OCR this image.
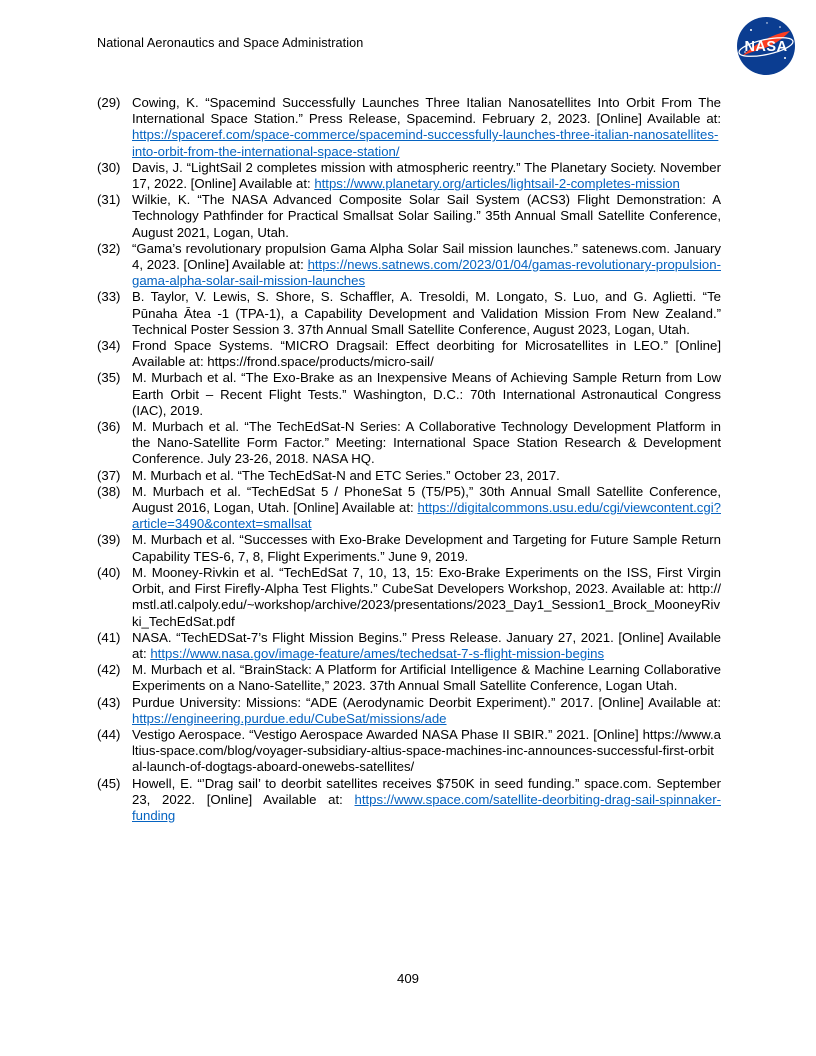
National Aeronautics and Space Administration	NASA
(29) Cowing, K. “Spacemind Successfully Launches Three Italian Nanosatellites Into Orbit From The International Space Station.” Press Release, Spacemind. February 2, 2023. [Online] Available at: https://spaceref.com/space-commerce/spacemind-successfully-launches-three-italian-nanosatellites-into-orbit-from-the-international-space-station/
(30) Davis, J. “LightSail 2 completes mission with atmospheric reentry.” The Planetary Society. November 17, 2022. [Online] Available at: https://www.planetary.org/articles/lightsail-2-completes-mission
(31) Wilkie, K. “The NASA Advanced Composite Solar Sail System (ACS3) Flight Demonstration: A Technology Pathfinder for Practical Smallsat Solar Sailing.” 35th Annual Small Satellite Conference, August 2021, Logan, Utah.
(32) “Gama’s revolutionary propulsion Gama Alpha Solar Sail mission launches.” satenews.com. January 4, 2023. [Online] Available at: https://news.satnews.com/2023/01/04/gamas-revolutionary-propulsion-gama-alpha-solar-sail-mission-launches
(33) B. Taylor, V. Lewis, S. Shore, S. Schaffler, A. Tresoldi, M. Longato, S. Luo, and G. Aglietti. “Te Pūnaha Ātea -1 (TPA-1), a Capability Development and Validation Mission From New Zealand.” Technical Poster Session 3. 37th Annual Small Satellite Conference, August 2023, Logan, Utah.
(34) Frond Space Systems. “MICRO Dragsail: Effect deorbiting for Microsatellites in LEO.” [Online] Available at: https://frond.space/products/micro-sail/
(35) M. Murbach et al. “The Exo-Brake as an Inexpensive Means of Achieving Sample Return from Low Earth Orbit – Recent Flight Tests.” Washington, D.C.: 70th International Astronautical Congress (IAC), 2019.
(36) M. Murbach et al. “The TechEdSat-N Series: A Collaborative Technology Development Platform in the Nano-Satellite Form Factor.” Meeting: International Space Station Research & Development Conference. July 23-26, 2018. NASA HQ.
(37) M. Murbach et al. “The TechEdSat-N and ETC Series.” October 23, 2017.
(38) M. Murbach et al. “TechEdSat 5 / PhoneSat 5 (T5/P5),” 30th Annual Small Satellite Conference, August 2016, Logan, Utah. [Online] Available at: https://digitalcommons.usu.edu/cgi/viewcontent.cgi?article=3490&context=smallsat
(39) M. Murbach et al. “Successes with Exo-Brake Development and Targeting for Future Sample Return Capability TES-6, 7, 8, Flight Experiments.” June 9, 2019.
(40) M. Mooney-Rivkin et al. “TechEdSat 7, 10, 13, 15: Exo-Brake Experiments on the ISS, First Virgin Orbit, and First Firefly-Alpha Test Flights.” CubeSat Developers Workshop, 2023. Available at: http://mstl.atl.calpoly.edu/~workshop/archive/2023/presentations/2023_Day1_Session1_Brock_MooneyRivki_TechEdSat.pdf
(41) NASA. “TechEDSat-7’s Flight Mission Begins.” Press Release. January 27, 2021. [Online] Available at: https://www.nasa.gov/image-feature/ames/techedsat-7-s-flight-mission-begins
(42) M. Murbach et al. “BrainStack: A Platform for Artificial Intelligence & Machine Learning Collaborative Experiments on a Nano-Satellite,” 2023. 37th Annual Small Satellite Conference, Logan Utah.
(43) Purdue University: Missions: “ADE (Aerodynamic Deorbit Experiment).” 2017. [Online] Available at: https://engineering.purdue.edu/CubeSat/missions/ade
(44) Vestigo Aerospace. “Vestigo Aerospace Awarded NASA Phase II SBIR.” 2021. [Online] https://www.altius-space.com/blog/voyager-subsidiary-altius-space-machines-inc-announces-successful-first-orbital-launch-of-dogtags-aboard-onewebs-satellites/
(45) Howell, E. “’Drag sail’ to deorbit satellites receives $750K in seed funding.” space.com. September 23, 2022. [Online] Available at: https://www.space.com/satellite-deorbiting-drag-sail-spinnaker-funding
409
